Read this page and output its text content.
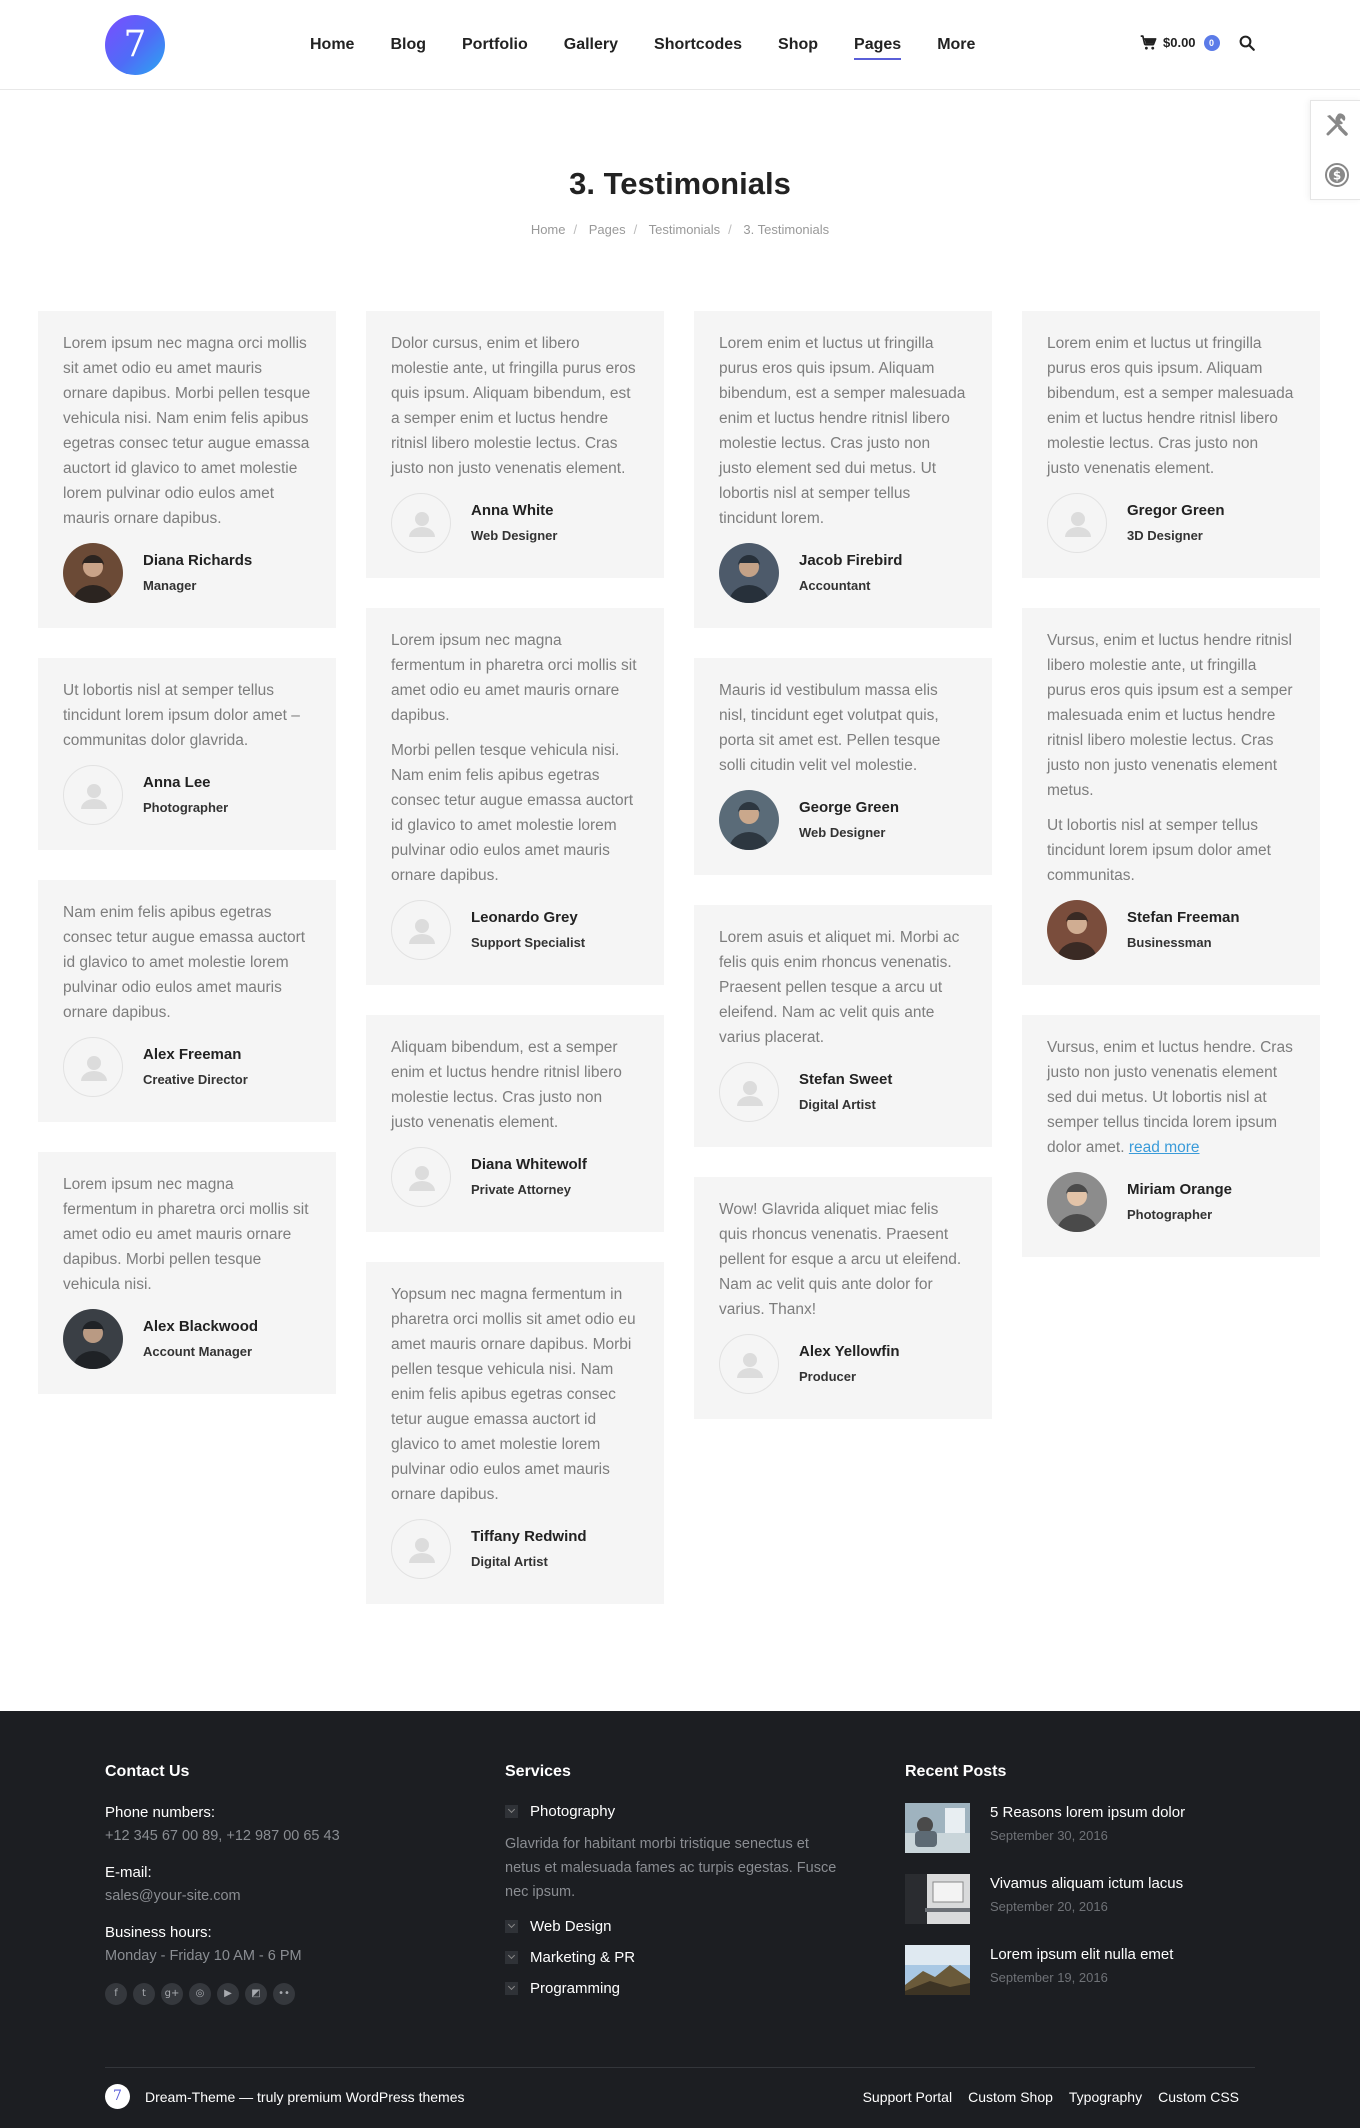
7	Home Blog Portfolio Gallery Shortcodes Shop Pages More	$0.00	0
$
3. Testimonials
Home / Pages / Testimonials / 3. Testimonials

Lorem ipsum nec magna orci mollis sit amet odio eu amet mauris ornare dapibus. Morbi pellen tesque vehicula nisi. Nam enim felis apibus egetras consec tetur augue emassa auctort id glavico to amet molestie lorem pulvinar odio eulos amet mauris ornare dapibus.

Diana Richards
Manager

Ut lobortis nisl at semper tellus tincidunt lorem ipsum dolor amet – communitas dolor glavrida.

Anna Lee
Photographer

Nam enim felis apibus egetras consec tetur augue emassa auctort id glavico to amet molestie lorem pulvinar odio eulos amet mauris ornare dapibus.

Alex Freeman
Creative Director

Lorem ipsum nec magna fermentum in pharetra orci mollis sit amet odio eu amet mauris ornare dapibus. Morbi pellen tesque vehicula nisi.

Alex Blackwood
Account Manager

Dolor cursus, enim et libero molestie ante, ut fringilla purus eros quis ipsum. Aliquam bibendum, est a semper enim et luctus hendre ritnisl libero molestie lectus. Cras justo non justo venenatis element.

Anna White
Web Designer

Lorem ipsum nec magna fermentum in pharetra orci mollis sit amet odio eu amet mauris ornare dapibus.

Morbi pellen tesque vehicula nisi. Nam enim felis apibus egetras consec tetur augue emassa auctort id glavico to amet molestie lorem pulvinar odio eulos amet mauris ornare dapibus.

Leonardo Grey
Support Specialist

Aliquam bibendum, est a semper enim et luctus hendre ritnisl libero molestie lectus. Cras justo non justo venenatis element.

Diana Whitewolf
Private Attorney

Yopsum nec magna fermentum in pharetra orci mollis sit amet odio eu amet mauris ornare dapibus. Morbi pellen tesque vehicula nisi. Nam enim felis apibus egetras consec tetur augue emassa auctort id glavico to amet molestie lorem pulvinar odio eulos amet mauris ornare dapibus.

Tiffany Redwind
Digital Artist

Lorem enim et luctus ut fringilla purus eros quis ipsum. Aliquam bibendum, est a semper malesuada enim et luctus hendre ritnisl libero molestie lectus. Cras justo non justo element sed dui metus. Ut lobortis nisl at semper tellus tincidunt lorem.

Jacob Firebird
Accountant

Mauris id vestibulum massa elis nisl, tincidunt eget volutpat quis, porta sit amet est. Pellen tesque solli citudin velit vel molestie.

George Green
Web Designer

Lorem asuis et aliquet mi. Morbi ac felis quis enim rhoncus venenatis. Praesent pellen tesque a arcu ut eleifend. Nam ac velit quis ante varius placerat.

Stefan Sweet
Digital Artist

Wow! Glavrida aliquet miac felis quis rhoncus venenatis. Praesent pellent for esque a arcu ut eleifend. Nam ac velit quis ante dolor for varius. Thanx!

Alex Yellowfin
Producer

Lorem enim et luctus ut fringilla purus eros quis ipsum. Aliquam bibendum, est a semper malesuada enim et luctus hendre ritnisl libero molestie lectus. Cras justo non justo venenatis element.

Gregor Green
3D Designer

Vursus, enim et luctus hendre ritnisl libero molestie ante, ut fringilla purus eros quis ipsum est a semper malesuada enim et luctus hendre ritnisl libero molestie lectus. Cras justo non justo venenatis element metus.

Ut lobortis nisl at semper tellus tincidunt lorem ipsum dolor amet communitas.

Stefan Freeman
Businessman

Vursus, enim et luctus hendre. Cras justo non justo venenatis element sed dui metus. Ut lobortis nisl at semper tellus tincida lorem ipsum dolor amet. read more

Miriam Orange
Photographer
Contact Us
Phone numbers:
+12 345 67 00 89, +12 987 00 65 43
E-mail:
sales@your-site.com
Business hours:
Monday - Friday 10 AM - 6 PM
f	t	g+	◎	▶	◩	••
Services
Photography
Glavrida for habitant morbi tristique senectus et netus et malesuada fames ac turpis egestas. Fusce nec ipsum.
Web Design
Marketing & PR
Programming
Recent Posts
5 Reasons lorem ipsum dolor
September 30, 2016
Vivamus aliquam ictum lacus
September 20, 2016
Lorem ipsum elit nulla emet
September 19, 2016
7	Dream-Theme — truly premium WordPress themes	Support Portal Custom Shop Typography Custom CSS
